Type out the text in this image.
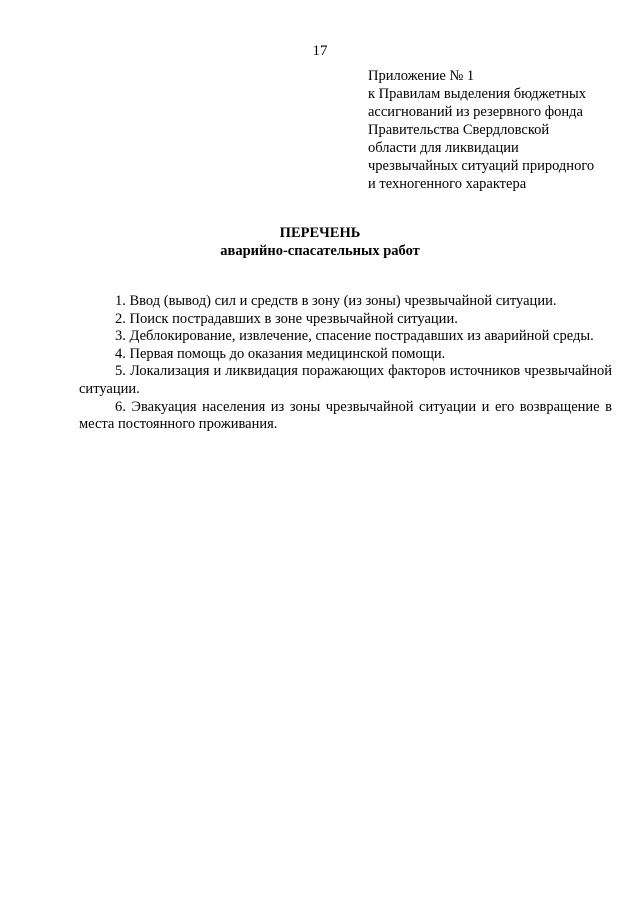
17
Приложение № 1
к Правилам выделения бюджетных
ассигнований из резервного фонда
Правительства Свердловской
области для ликвидации
чрезвычайных ситуаций природного
и техногенного характера
ПЕРЕЧЕНЬ
аварийно-спасательных работ

1. Ввод (вывод) сил и средств в зону (из зоны) чрезвычайной ситуации.

2. Поиск пострадавших в зоне чрезвычайной ситуации.

3. Деблокирование, извлечение, спасение пострадавших из аварийной среды.

4. Первая помощь до оказания медицинской помощи.

5. Локализация и ликвидация поражающих факторов источников чрезвычайной ситуации.

6. Эвакуация населения из зоны чрезвычайной ситуации и его возвращение в места постоянного проживания.
